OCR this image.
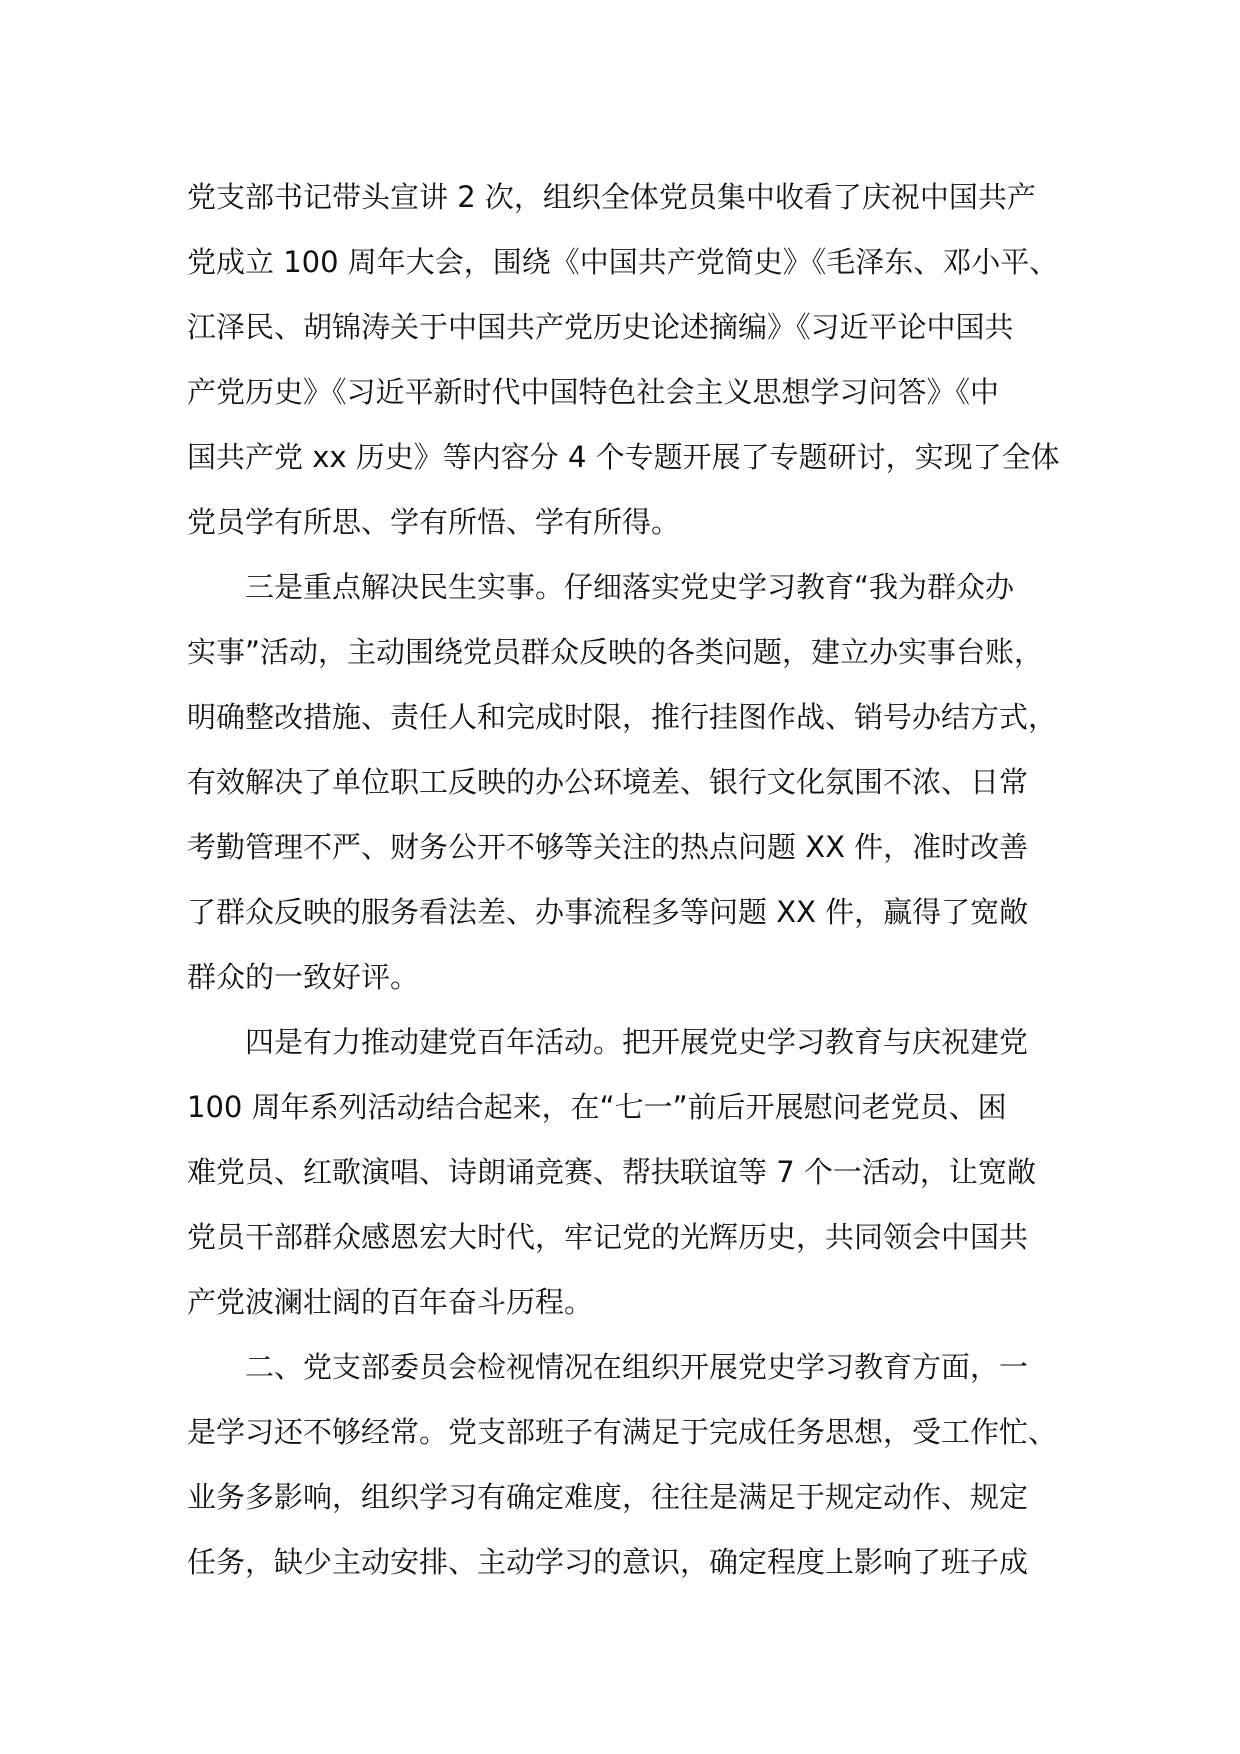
党支部书记带头宣讲 2 次，组织全体党员集中收看了庆祝中国共产
党成立 100 周年大会，围绕《中国共产党简史》《毛泽东、邓小平、
江泽民、胡锦涛关于中国共产党历史论述摘编》《习近平论中国共
产党历史》《习近平新时代中国特色社会主义思想学习问答》《中
国共产党 xx 历史》等内容分 4 个专题开展了专题研讨，实现了全体
党员学有所思、学有所悟、学有所得。
三是重点解决民生实事。仔细落实党史学习教育“我为群众办
实事”活动，主动围绕党员群众反映的各类问题，建立办实事台账，
明确整改措施、责任人和完成时限，推行挂图作战、销号办结方式，
有效解决了单位职工反映的办公环境差、银行文化氛围不浓、日常
考勤管理不严、财务公开不够等关注的热点问题 XX 件，准时改善
了群众反映的服务看法差、办事流程多等问题 XX 件，赢得了宽敞
群众的一致好评。
四是有力推动建党百年活动。把开展党史学习教育与庆祝建党
100 周年系列活动结合起来，在“七一”前后开展慰问老党员、困
难党员、红歌演唱、诗朗诵竞赛、帮扶联谊等 7 个一活动，让宽敞
党员干部群众感恩宏大时代，牢记党的光辉历史，共同领会中国共
产党波澜壮阔的百年奋斗历程。
二、党支部委员会检视情况在组织开展党史学习教育方面，一
是学习还不够经常。党支部班子有满足于完成任务思想，受工作忙、
业务多影响，组织学习有确定难度，往往是满足于规定动作、规定
任务，缺少主动安排、主动学习的意识，确定程度上影响了班子成
